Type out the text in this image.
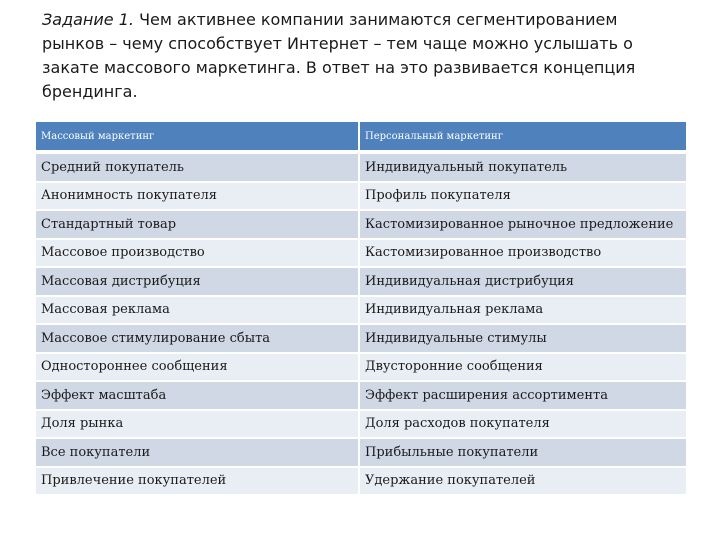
Задание 1. Чем активнее компании занимаются сегментированием рынков – чему способствует Интернет – тем чаще можно услышать о закате массового маркетинга. В ответ на это развивается концепция брендинга.

Массовый маркетинг	Персональный маркетинг
Средний покупатель	Индивидуальный покупатель
Анонимность покупателя	Профиль покупателя
Стандартный товар	Кастомизированное рыночное предложение
Массовое производство	Кастомизированное производство
Массовая дистрибуция	Индивидуальная дистрибуция
Массовая реклама	Индивидуальная реклама
Массовое стимулирование сбыта	Индивидуальные стимулы
Одностороннее сообщения	Двусторонние сообщения
Эффект масштаба	Эффект расширения ассортимента
Доля рынка	Доля расходов покупателя
Все покупатели	Прибыльные покупатели
Привлечение покупателей	Удержание покупателей
